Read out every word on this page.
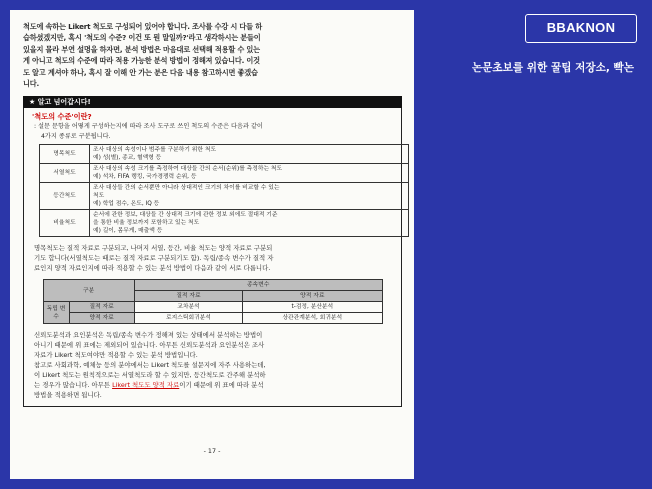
척도에 속하는 Likert 척도로 구성되어 있어야 합니다. 조사를 수강 시 다들 하
습하셨겠지만, 혹시 '척도의 수준? 이건 또 뭔 말일까?'라고 생각하시는 분들이
있을지 몰라 부연 설명을 하자면, 분석 방법은 마음대로 선택해 적용할 수 있는
게 아니고 척도의 수준에 따라 적용 가능한 분석 방법이 정해져 있습니다. 이것
도 알고 계셔야 하나, 혹시 잘 이해 안 가는 분은 다음 내용 참고하시면 좋겠습
니다.
★ 알고 넘어갑시다!
'척도의 수준'이란?
: 설문 문항을 어떻게 구성하는지에 따라 조사 도구로 쓰인 척도의 수준은 다음과 같이
4가지 종류로 구분됩니다.
명목척도	조사 대상의 속성이나 범주를 구분하기 위한 척도
예) 성(별), 종교, 혈액형 등

서열척도	조사 대상의 속성 크기를 측정하여 대상들 간의 순서(순위)를 측정하는 척도
예) 석차, FIFA 랭킹, 국가경쟁력 순위, 등

등간척도	조사 대상들 간의 순서뿐만 아니라 상대적인 크기의 차이를 비교할 수 있는
척도
예) 학업 점수, 온도, IQ 등

비율척도	순서에 관한 정보, 대상들 간 상대적 크기에 관한 정보 외에도 절대적 기준
을 통한 비율 정보까지 포함하고 있는 척도
예) 길이, 몸무게, 매출액 등
명목척도는 질적 자료로 구분되고, 나머지 서열, 등간, 비율 척도는 양적 자료로 구분되
기도 합니다(서열척도는 때로는 질적 자료로 구분되기도 함). 독립/종속 변수가 질적 자
료인지 양적 자료인지에 따라 적용할 수 있는 분석 방법이 다음과 같이 서로 다릅니다.
구분		종속변수	
		질적 자료	양적 자료
독립 변수	질적 자료	교차분석	t-검정, 분산분석
	양적 자료	로지스틱회귀분석	상관관계분석, 회귀분석
신뢰도분석과 요인분석은 독립/종속 변수가 정해져 있는 상태에서 분석하는 방법이
아니기 때문에 위 표에는 제외되어 있습니다. 아무튼 신뢰도분석과 요인분석은 조사
자료가 Likert 척도여야만 적용할 수 있는 분석 방법입니다.
참고로 사회과학, 예체능 등의 분야에서는 Likert 척도를 설문지에 자주 사용하는데,
이 Likert 척도는 원칙적으로는 서열척도라 할 수 있지만, 등간척도로 간주해 분석하
는 경우가 많습니다. 아무튼 Likert 척도도 양적 자료이기 때문에 위 표에 따라 분석
방법을 적용하면 됩니다.
- 17 -
BBAKNON
논문초보를 위한 꿀팁 저장소, 빡논
